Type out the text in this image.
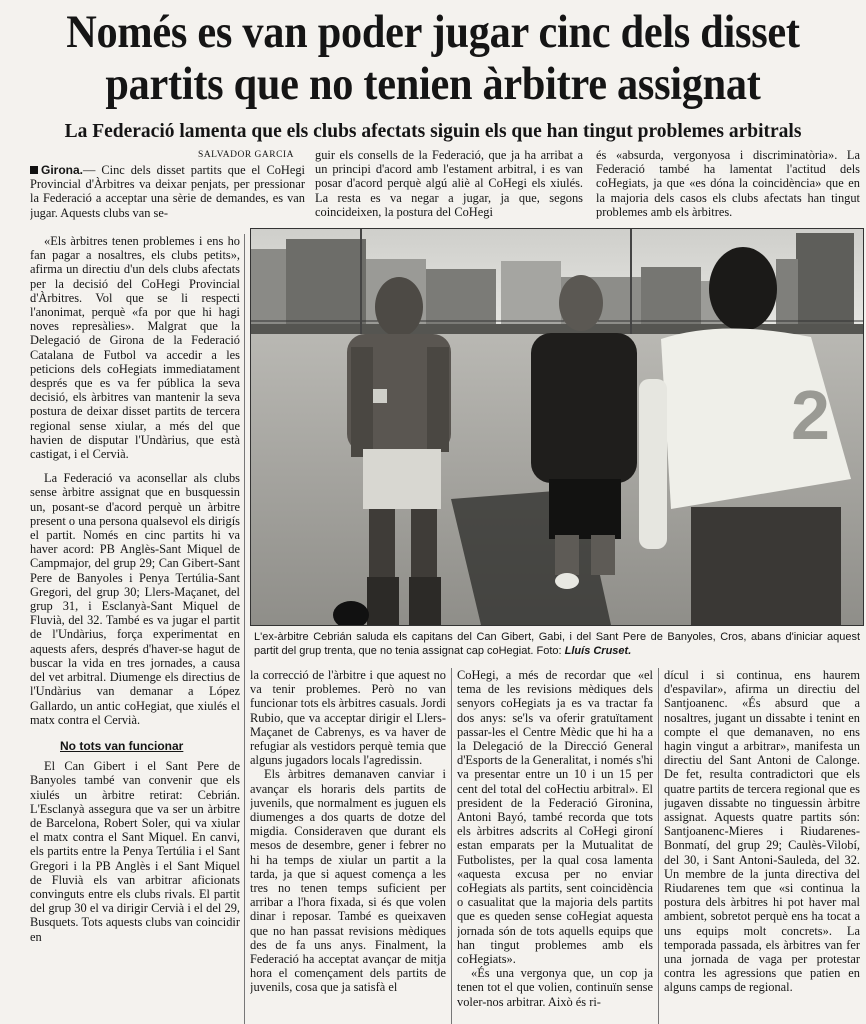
Només es van poder jugar cinc dels disset partits que no tenien àrbitre assignat
La Federació lamenta que els clubs afectats siguin els que han tingut problemes arbitrals
SALVADOR GARCIA

Girona.— Cinc dels disset partits que el CoHegi Provincial d'Àrbitres va deixar penjats, per pressionar la Federació a acceptar una sèrie de demandes, es van jugar. Aquests clubs van se-

guir els consells de la Federació, que ja ha arribat a un principi d'acord amb l'estament arbitral, i es van posar d'acord perquè algú aliè al CoHegi els xiulés. La resta es va negar a jugar, ja que, segons coincideixen, la postura del CoHegi

és «absurda, vergonyosa i discriminatòria». La Federació també ha lamentat l'actitud dels coHegiats, ja que «es dóna la coincidència» que en la majoria dels casos els clubs afectats han tingut problemes amb els àrbitres.

«Els àrbitres tenen problemes i ens ho fan pagar a nosaltres, els clubs petits», afirma un directiu d'un dels clubs afectats per la decisió del CoHegi Provincial d'Àrbitres. Vol que se li respecti l'anonimat, perquè «fa por que hi hagi noves represàlies». Malgrat que la Delegació de Girona de la Federació Catalana de Futbol va accedir a les peticions dels coHegiats immediatament després que es va fer pública la seva decisió, els àrbitres van mantenir la seva postura de deixar disset partits de tercera regional sense xiular, a més del que havien de disputar l'Undàrius, que està castigat, i el Cervià.

La Federació va aconsellar als clubs sense àrbitre assignat que en busquessin un, posant-se d'acord perquè un àrbitre present o una persona qualsevol els dirigís el partit. Només en cinc partits hi va haver acord: PB Anglès-Sant Miquel de Campmajor, del grup 29; Can Gibert-Sant Pere de Banyoles i Penya Tertúlia-Sant Gregori, del grup 30; Llers-Maçanet, del grup 31, i Esclanyà-Sant Miquel de Fluvià, del 32. També es va jugar el partit de l'Undàrius, força experimentat en aquests afers, després d'haver-se hagut de buscar la vida en tres jornades, a causa del vet arbitral. Diumenge els directius de l'Undàrius van demanar a López Gallardo, un antic coHegiat, que xiulés el matx contra el Cervià.

No tots van funcionar

El Can Gibert i el Sant Pere de Banyoles també van convenir que els xiulés un àrbitre retirat: Cebrián. L'Esclanyà assegura que va ser un àrbitre de Barcelona, Robert Soler, qui va xiular el matx contra el Sant Miquel. En canvi, els partits entre la Penya Tertúlia i el Sant Gregori i la PB Anglès i el Sant Miquel de Fluvià els van arbitrar aficionats convinguts entre els clubs rivals. El partit del grup 30 el va dirigir Cervià i el del 29, Busquets. Tots aquests clubs van coincidir en

2
L'ex-àrbitre Cebrián saluda els capitans del Can Gibert, Gabi, i del Sant Pere de Banyoles, Cros, abans d'iniciar aquest partit del grup trenta, que no tenia assignat cap coHegiat. Foto: Lluís Cruset.

la correcció de l'àrbitre i que aquest no va tenir problemes. Però no van funcionar tots els àrbitres casuals. Jordi Rubio, que va acceptar dirigir el Llers-Maçanet de Cabrenys, es va haver de refugiar als vestidors perquè temia que alguns jugadors locals l'agredissin.

Els àrbitres demanaven canviar i avançar els horaris dels partits de juvenils, que normalment es juguen els diumenges a dos quarts de dotze del migdia. Consideraven que durant els mesos de desembre, gener i febrer no hi ha temps de xiular un partit a la tarda, ja que si aquest comença a les tres no tenen temps suficient per arribar a l'hora fixada, si és que volen dinar i reposar. També es queixaven que no han passat revisions mèdiques des de fa uns anys. Finalment, la Federació ha acceptat avançar de mitja hora el començament dels partits de juvenils, cosa que ja satisfà el

CoHegi, a més de recordar que «el tema de les revisions mèdiques dels senyors coHegiats ja es va tractar fa dos anys: se'ls va oferir gratuïtament passar-les el Centre Mèdic que hi ha a la Delegació de la Direcció General d'Esports de la Generalitat, i només s'hi va presentar entre un 10 i un 15 per cent del total del coHectiu arbitral». El president de la Federació Gironina, Antoni Bayó, també recorda que tots els àrbitres adscrits al CoHegi gironí estan emparats per la Mutualitat de Futbolistes, per la qual cosa lamenta «aquesta excusa per no enviar coHegiats als partits, sent coincidència o casualitat que la majoria dels partits que es queden sense coHegiat aquesta jornada són de tots aquells equips que han tingut problemes amb els coHegiats».

«És una vergonya que, un cop ja tenen tot el que volien, continuïn sense voler-nos arbitrar. Això és ri-

dícul i si continua, ens haurem d'espavilar», afirma un directiu del Santjoanenc. «És absurd que a nosaltres, jugant un dissabte i tenint en compte el que demanaven, no ens hagin vingut a arbitrar», manifesta un directiu del Sant Antoni de Calonge. De fet, resulta contradictori que els quatre partits de tercera regional que es jugaven dissabte no tinguessin àrbitre assignat. Aquests quatre partits són: Santjoanenc-Mieres i Riudarenes-Bonmatí, del grup 29; Caulès-Vilobí, del 30, i Sant Antoni-Sauleda, del 32. Un membre de la junta directiva del Riudarenes tem que «si continua la postura dels àrbitres hi pot haver mal ambient, sobretot perquè ens ha tocat a uns equips molt concrets». La temporada passada, els àrbitres van fer una jornada de vaga per protestar contra les agressions que patien en alguns camps de regional.
